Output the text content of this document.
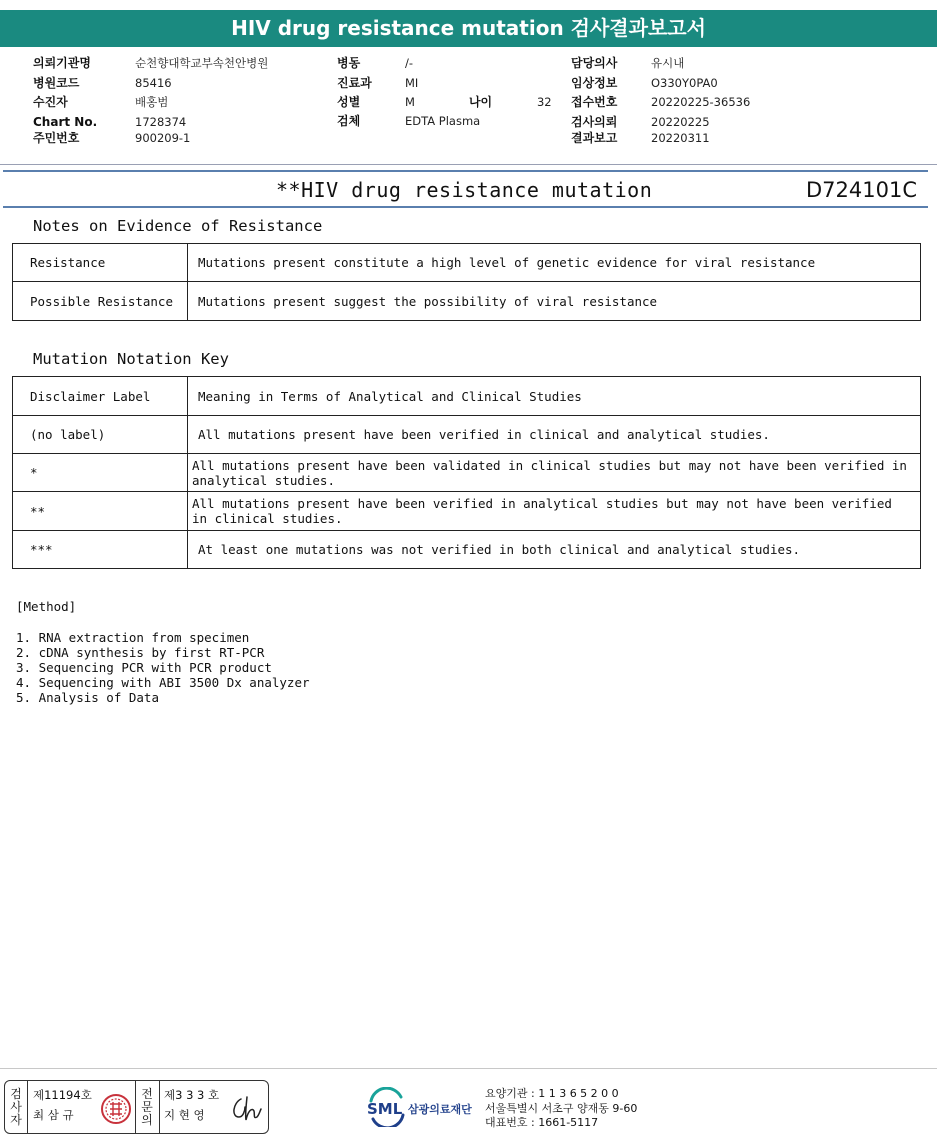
HIV drug resistance mutation 검사결과보고서
의뢰기관명	순천향대학교부속천안병원
병원코드	85416
수진자	배홍범
Chart No.	1728374
주민번호	900209-1
병동	/-
진료과	MI
성별	M	나이	32
검체	EDTA Plasma
담당의사	유시내
임상정보	O330Y0PA0
접수번호	20220225-36536
검사의뢰	20220225
결과보고	20220311
**HIV drug resistance mutation	D724101C
Notes on Evidence of Resistance
Resistance	Mutations present constitute a high level of genetic evidence for viral resistance
Possible Resistance	Mutations present suggest the possibility of viral resistance
Mutation Notation Key
Disclaimer Label	Meaning in Terms of Analytical and Clinical Studies
(no label)	All mutations present have been verified in clinical and analytical studies.
*	All mutations present have been validated in clinical studies but may not have been verified in analytical studies.
**	All mutations present have been verified in analytical studies but may not have been verified in clinical studies.
***	At least one mutations was not verified in both clinical and analytical studies.
[Method]
1. RNA extraction from specimen
2. cDNA synthesis by first RT-PCR
3. Sequencing PCR with PCR product
4. Sequencing with ABI 3500 Dx analyzer
5. Analysis of Data
검사자
제11194호
최 삼 규
전문의
제3 3 3 호
지 현 영	SML 삼광의료재단
요양기관 : 1 1 3 6 5 2 0 0
서울특별시 서초구 양재동 9-60
대표번호 : 1661-5117
